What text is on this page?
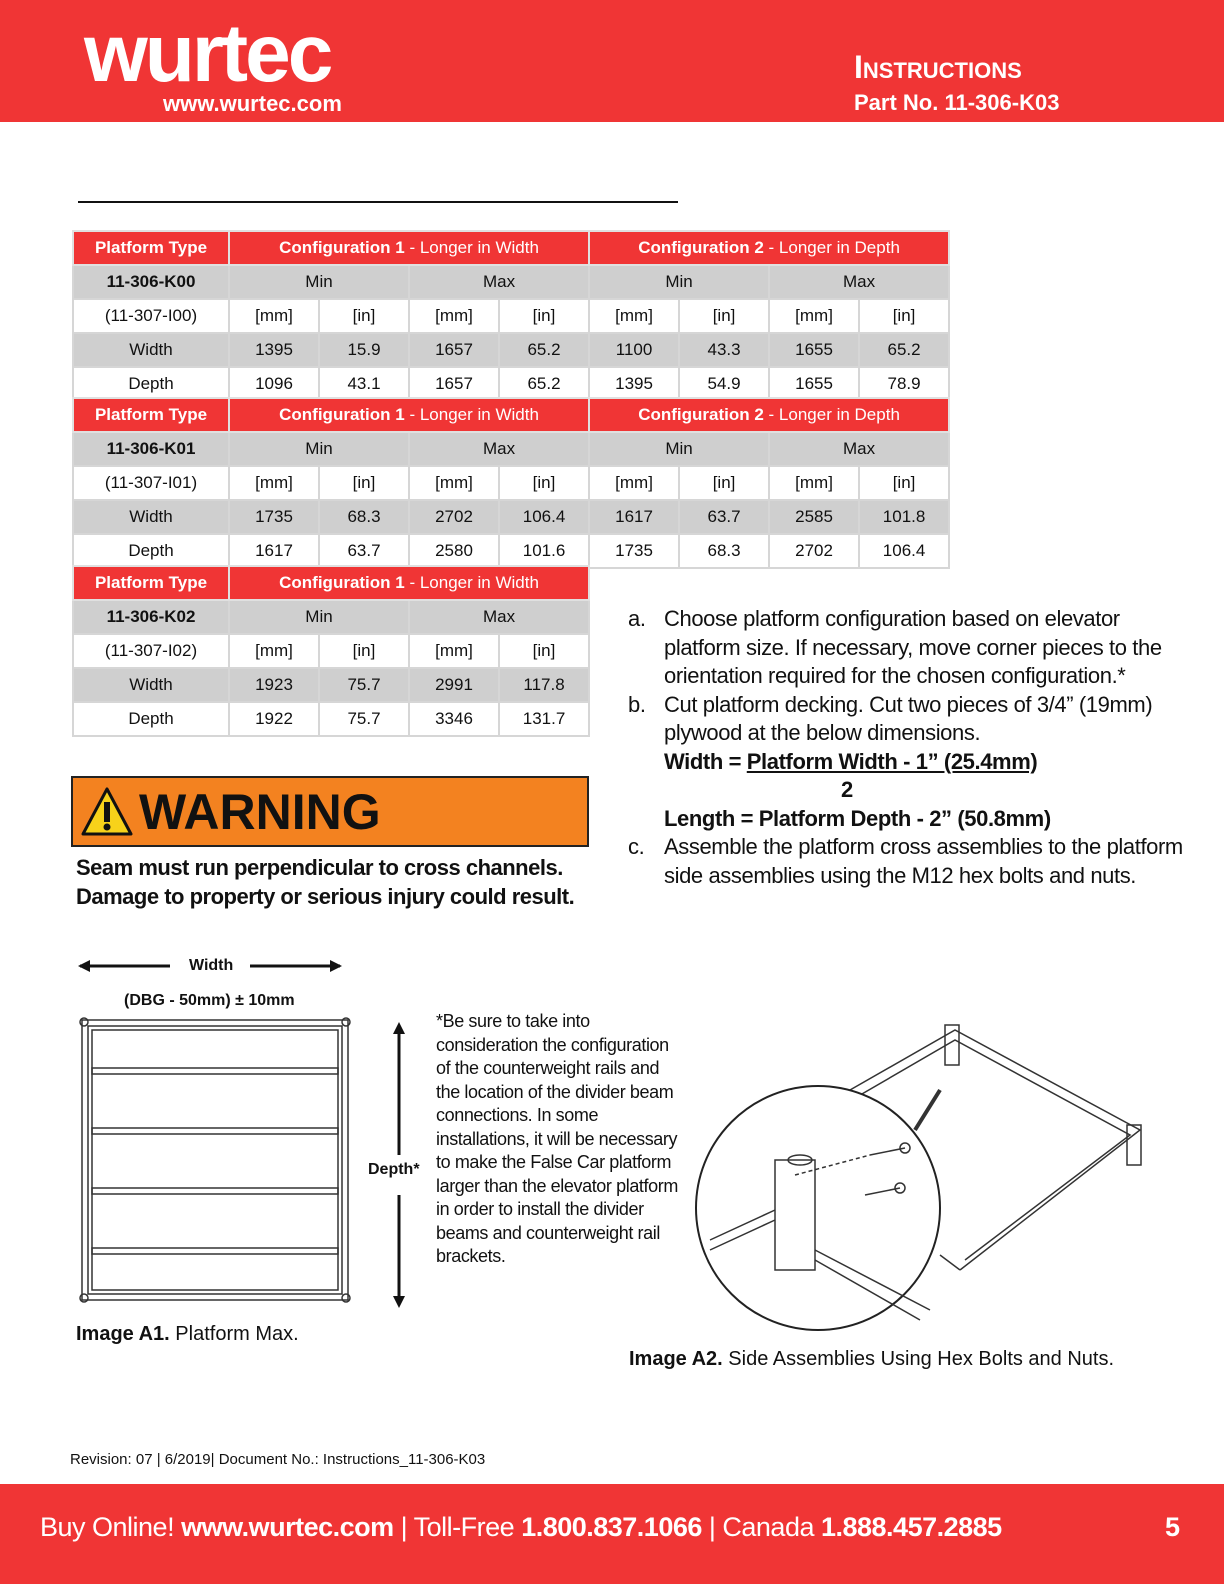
wurtec
www.wurtec.com
Instructions
Part No. 11-306-K03
Platform Type	Configuration 1 - Longer in Width				Configuration 2 - Longer in Depth			
11-306-K00	Min		Max		Min		Max	
(11-307-I00)	[mm]	[in]	[mm]	[in]	[mm]	[in]	[mm]	[in]
Width	1395	15.9	1657	65.2	1100	43.3	1655	65.2
Depth	1096	43.1	1657	65.2	1395	54.9	1655	78.9
Platform Type	Configuration 1 - Longer in Width				Configuration 2 - Longer in Depth			
11-306-K01	Min		Max		Min		Max	
(11-307-I01)	[mm]	[in]	[mm]	[in]	[mm]	[in]	[mm]	[in]
Width	1735	68.3	2702	106.4	1617	63.7	2585	101.8
Depth	1617	63.7	2580	101.6	1735	68.3	2702	106.4
Platform Type	Configuration 1 - Longer in Width			
11-306-K02	Min		Max	
(11-307-I02)	[mm]	[in]	[mm]	[in]
Width	1923	75.7	2991	117.8
Depth	1922	75.7	3346	131.7
WARNING
Seam must run perpendicular to cross channels. Damage to property or serious injury could result.
a. Choose platform configuration based on elevator platform size. If necessary, move corner pieces to the orientation required for the chosen configuration.*
b. Cut platform decking. Cut two pieces of 3/4” (19mm) plywood at the below dimensions.
Width = Platform Width - 1” (25.4mm)
2
Length = Platform Depth - 2” (50.8mm)
c. Assemble the platform cross assemblies to the platform side assemblies using the M12 hex bolts and nuts.
Width
(DBG - 50mm) ± 10mm
Depth*
*Be sure to take into consideration the configuration of the counterweight rails and the location of the divider beam connections. In some installations, it will be necessary to make the False Car platform larger than the elevator platform in order to install the divider beams and counterweight rail brackets.
Image A1. Platform Max.
Image A2. Side Assemblies Using Hex Bolts and Nuts.
Revision: 07 | 6/2019| Document No.: Instructions_11-306-K03
Buy Online! www.wurtec.com | Toll-Free 1.800.837.1066 | Canada 1.888.457.2885	5
